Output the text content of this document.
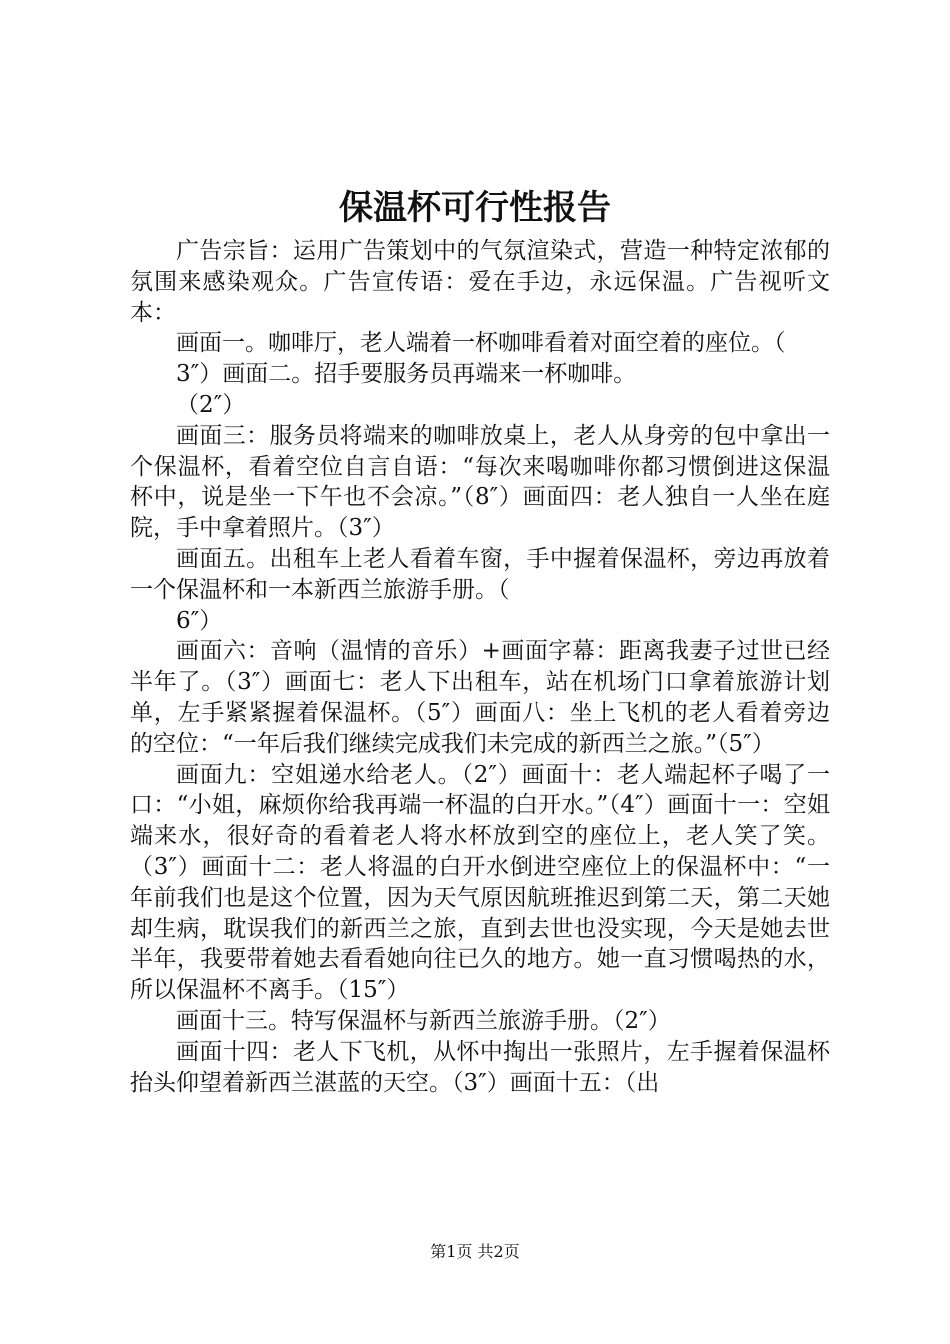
保温杯可行性报告

广告宗旨：运用广告策划中的气氛渲染式，营造一种特定浓郁的氛围来感染观众。广告宣传语：爱在手边，永远保温。广告视听文本：

画面一。咖啡厅，老人端着一杯咖啡看着对面空着的座位。（

3″）画面二。招手要服务员再端来一杯咖啡。

（2″）

画面三：服务员将端来的咖啡放桌上，老人从身旁的包中拿出一个保温杯，看着空位自言自语：“每次来喝咖啡你都习惯倒进这保温杯中，说是坐一下午也不会凉。”（8″）画面四：老人独自一人坐在庭院，手中拿着照片。（3″）

画面五。出租车上老人看着车窗，手中握着保温杯，旁边再放着一个保温杯和一本新西兰旅游手册。（

6″）

画面六：音响（温情的音乐）+画面字幕：距离我妻子过世已经半年了。（3″）画面七：老人下出租车，站在机场门口拿着旅游计划单，左手紧紧握着保温杯。（5″）画面八：坐上飞机的老人看着旁边的空位：“一年后我们继续完成我们未完成的新西兰之旅。”（5″）

画面九：空姐递水给老人。（2″）画面十：老人端起杯子喝了一口：“小姐，麻烦你给我再端一杯温的白开水。”（4″）画面十一：空姐端来水，很好奇的看着老人将水杯放到空的座位上，老人笑了笑。（3″）画面十二：老人将温的白开水倒进空座位上的保温杯中：“一年前我们也是这个位置，因为天气原因航班推迟到第二天，第二天她却生病，耽误我们的新西兰之旅，直到去世也没实现，今天是她去世半年，我要带着她去看看她向往已久的地方。她一直习惯喝热的水，所以保温杯不离手。（15″）

画面十三。特写保温杯与新西兰旅游手册。（2″）

画面十四：老人下飞机，从怀中掏出一张照片，左手握着保温杯抬头仰望着新西兰湛蓝的天空。（3″）画面十五：（出

第1页 共2页
